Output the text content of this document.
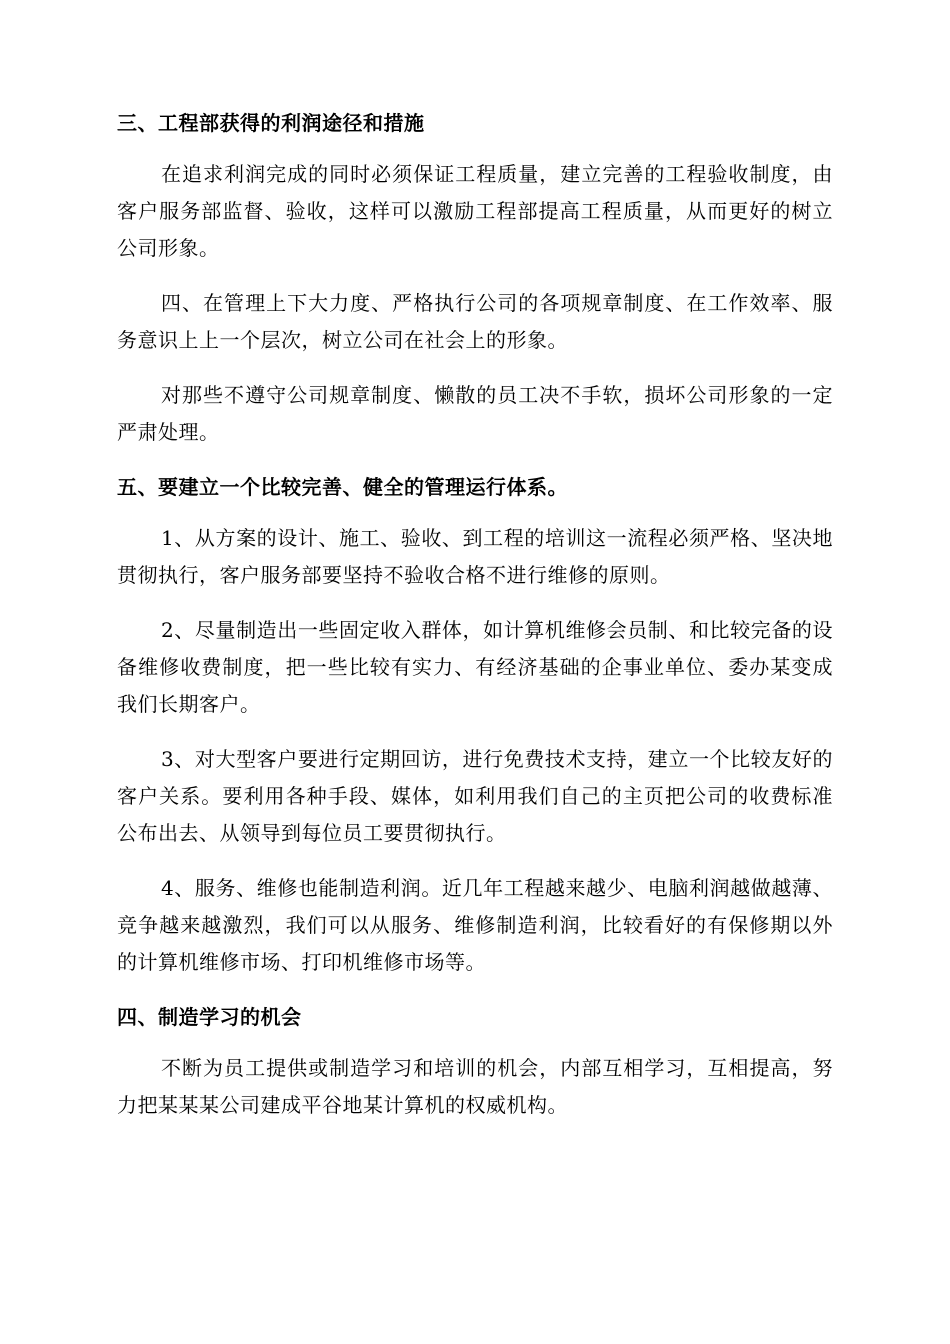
三、工程部获得的利润途径和措施

在追求利润完成的同时必须保证工程质量，建立完善的工程验收制度，由客户服务部监督、验收，这样可以激励工程部提高工程质量，从而更好的树立公司形象。

四、在管理上下大力度、严格执行公司的各项规章制度、在工作效率、服务意识上上一个层次，树立公司在社会上的形象。

对那些不遵守公司规章制度、懒散的员工决不手软，损坏公司形象的一定严肃处理。

五、要建立一个比较完善、健全的管理运行体系。

1、从方案的设计、施工、验收、到工程的培训这一流程必须严格、坚决地贯彻执行，客户服务部要坚持不验收合格不进行维修的原则。

2、尽量制造出一些固定收入群体，如计算机维修会员制、和比较完备的设备维修收费制度，把一些比较有实力、有经济基础的企事业单位、委办某变成我们长期客户。

3、对大型客户要进行定期回访，进行免费技术支持，建立一个比较友好的客户关系。要利用各种手段、媒体，如利用我们自己的主页把公司的收费标准公布出去、从领导到每位员工要贯彻执行。

4、服务、维修也能制造利润。近几年工程越来越少、电脑利润越做越薄、竞争越来越激烈，我们可以从服务、维修制造利润，比较看好的有保修期以外的计算机维修市场、打印机维修市场等。

四、制造学习的机会

不断为员工提供或制造学习和培训的机会，内部互相学习，互相提高，努力把某某某公司建成平谷地某计算机的权威机构。
